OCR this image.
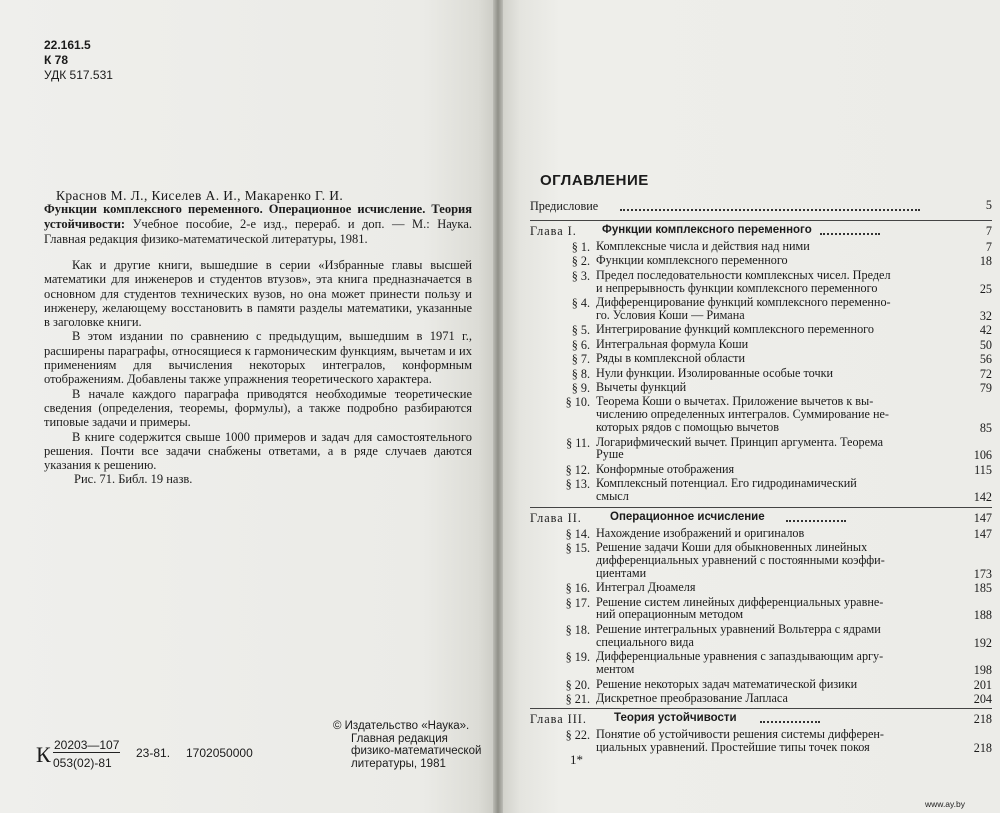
22.161.5
К 78
УДК 517.531
Краснов М. Л., Киселев А. И., Макаренко Г. И.
Функции комплексного переменного. Операционное исчисление. Теория устойчивости: Учебное пособие, 2-е изд., перераб. и доп. — М.: Наука. Главная редакция физико-математической литературы, 1981.

Как и другие книги, вышедшие в серии «Избранные главы высшей математики для инженеров и студентов втузов», эта книга предназначается в основном для студентов технических вузов, но она может принести пользу и инженеру, желающему восстановить в памяти разделы математики, указанные в заголовке книги.

В этом издании по сравнению с предыдущим, вышедшим в 1971 г., расширены параграфы, относящиеся к гармоническим функциям, вычетам и их применениям для вычисления некоторых интегралов, конформным отображениям. Добавлены также упражнения теоретического характера.

В начале каждого параграфа приводятся необходимые теоретические сведения (определения, теоремы, формулы), а также подробно разбираются типовые задачи и примеры.

В книге содержится свыше 1000 примеров и задач для самостоятельного решения. Почти все задачи снабжены ответами, а в ряде случаев даются указания к решению.

Рис. 71. Библ. 19 назв.
К 20203—107
053(02)-81
23-81. 1702050000
© Издательство «Наука».
Главная редакция
физико-математической
литературы, 1981
ОГЛАВЛЕНИЕ
Предисловие	5
Глава I. Функции комплексного переменного	7
§ 1. Комплексные числа и действия над ними	7
§ 2. Функции комплексного переменного	18
§ 3. Предел последовательности комплексных чисел. Предел
и непрерывность функции комплексного переменного	25
§ 4. Дифференцирование функций комплексного переменно-
го. Условия Коши — Римана	32
§ 5. Интегрирование функций комплексного переменного	42
§ 6. Интегральная формула Коши	50
§ 7. Ряды в комплексной области	56
§ 8. Нули функции. Изолированные особые точки	72
§ 9. Вычеты функций	79
§ 10. Теорема Коши о вычетах. Приложение вычетов к вы-
числению определенных интегралов. Суммирование не-
которых рядов с помощью вычетов	85
§ 11. Логарифмический вычет. Принцип аргумента. Теорема
Руше	106
§ 12. Конформные отображения	115
§ 13. Комплексный потенциал. Его гидродинамический
смысл	142
Глава II. Операционное исчисление	147
§ 14. Нахождение изображений и оригиналов	147
§ 15. Решение задачи Коши для обыкновенных линейных
дифференциальных уравнений с постоянными коэффи-
циентами	173
§ 16. Интеграл Дюамеля	185
§ 17. Решение систем линейных дифференциальных уравне-
ний операционным методом	188
§ 18. Решение интегральных уравнений Вольтерра с ядрами
специального вида	192
§ 19. Дифференциальные уравнения с запаздывающим аргу-
ментом	198
§ 20. Решение некоторых задач математической физики	201
§ 21. Дискретное преобразование Лапласа	204
Глава III. Теория устойчивости	218
§ 22. Понятие об устойчивости решения системы дифферен-
циальных уравнений. Простейшие типы точек покоя	218
1*
www.ay.by
